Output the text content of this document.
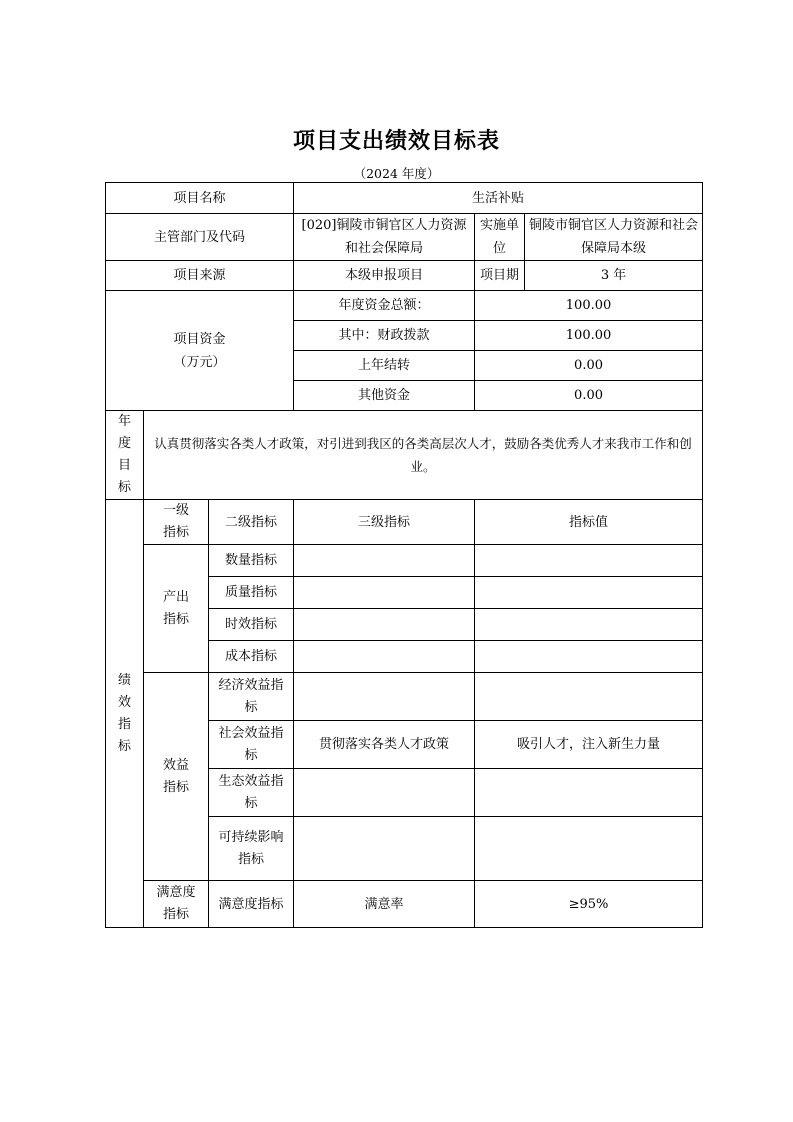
项目支出绩效目标表
（2024 年度）
项目名称			生活补贴		
主管部门及代码			[020]铜陵市铜官区人力资源和社会保障局	实施单位	铜陵市铜官区人力资源和社会保障局本级
项目来源			本级申报项目	项目期	3 年

项目资金
（万元）			年度资金总额：	100.00	
			其中：财政拨款	100.00	
			上年结转	0.00	
			其他资金	0.00	

年度目标	认真贯彻落实各类人才政策，对引进到我区的各类高层次人才，鼓励各类优秀人才来我市工作和创业。				

绩效指标	一级指标	二级指标	三级指标	指标值	

	产出指标	数量指标			
		质量指标			
		时效指标			
		成本指标			

	效益指标	经济效益指标			

		社会效益指标	贯彻落实各类人才政策	吸引人才，注入新生力量	

		生态效益指标			

		可持续影响指标			

	满意度指标	满意度指标	满意率	≥95%	
